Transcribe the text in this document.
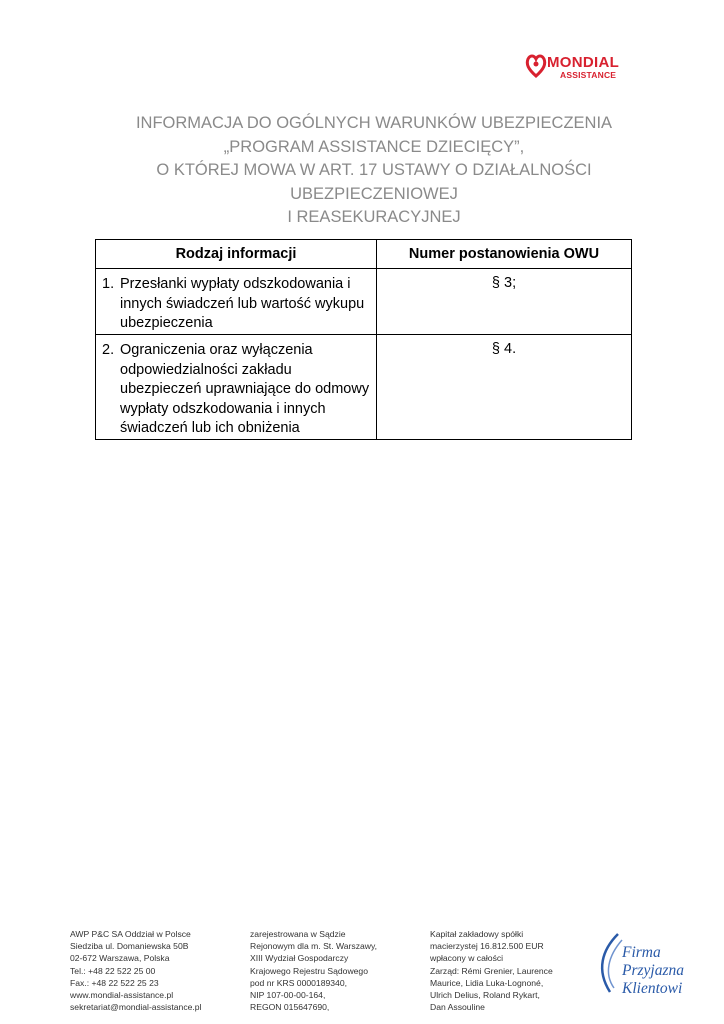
MONDIAL
ASSISTANCE
INFORMACJA DO OGÓLNYCH WARUNKÓW UBEZPIECZENIA
„PROGRAM ASSISTANCE DZIECIĘCY”,
O KTÓREJ MOWA W ART. 17 USTAWY O DZIAŁALNOŚCI
UBEZPIECZENIOWEJ
I REASEKURACYJNEJ
Rodzaj informacji	Numer postanowienia OWU

1. Przesłanki wypłaty odszkodowania i innych świadczeń lub wartość wykupu ubezpieczenia	§ 3;

2. Ograniczenia oraz wyłączenia odpowiedzialności zakładu ubezpieczeń uprawniające do odmowy wypłaty odszkodowania i innych świadczeń lub ich obniżenia	§ 4.
AWP P&C SA Oddział w Polsce
Siedziba ul. Domaniewska 50B
02-672 Warszawa, Polska
Tel.: +48 22 522 25 00
Fax.: +48 22 522 25 23
www.mondial-assistance.pl
sekretariat@mondial-assistance.pl
zarejestrowana w Sądzie
Rejonowym dla m. St. Warszawy,
XIII Wydział Gospodarczy
Krajowego Rejestru Sądowego
pod nr KRS 0000189340,
NIP 107-00-00-164,
REGON 015647690,
Kapitał zakładowy spółki
macierzystej 16.812.500 EUR
wpłacony w całości
Zarząd: Rémi Grenier, Laurence
Maurice, Lidia Luka-Lognoné,
Ulrich Delius, Roland Rykart,
Dan Assouline
Firma
Przyjazna
Klientowi
